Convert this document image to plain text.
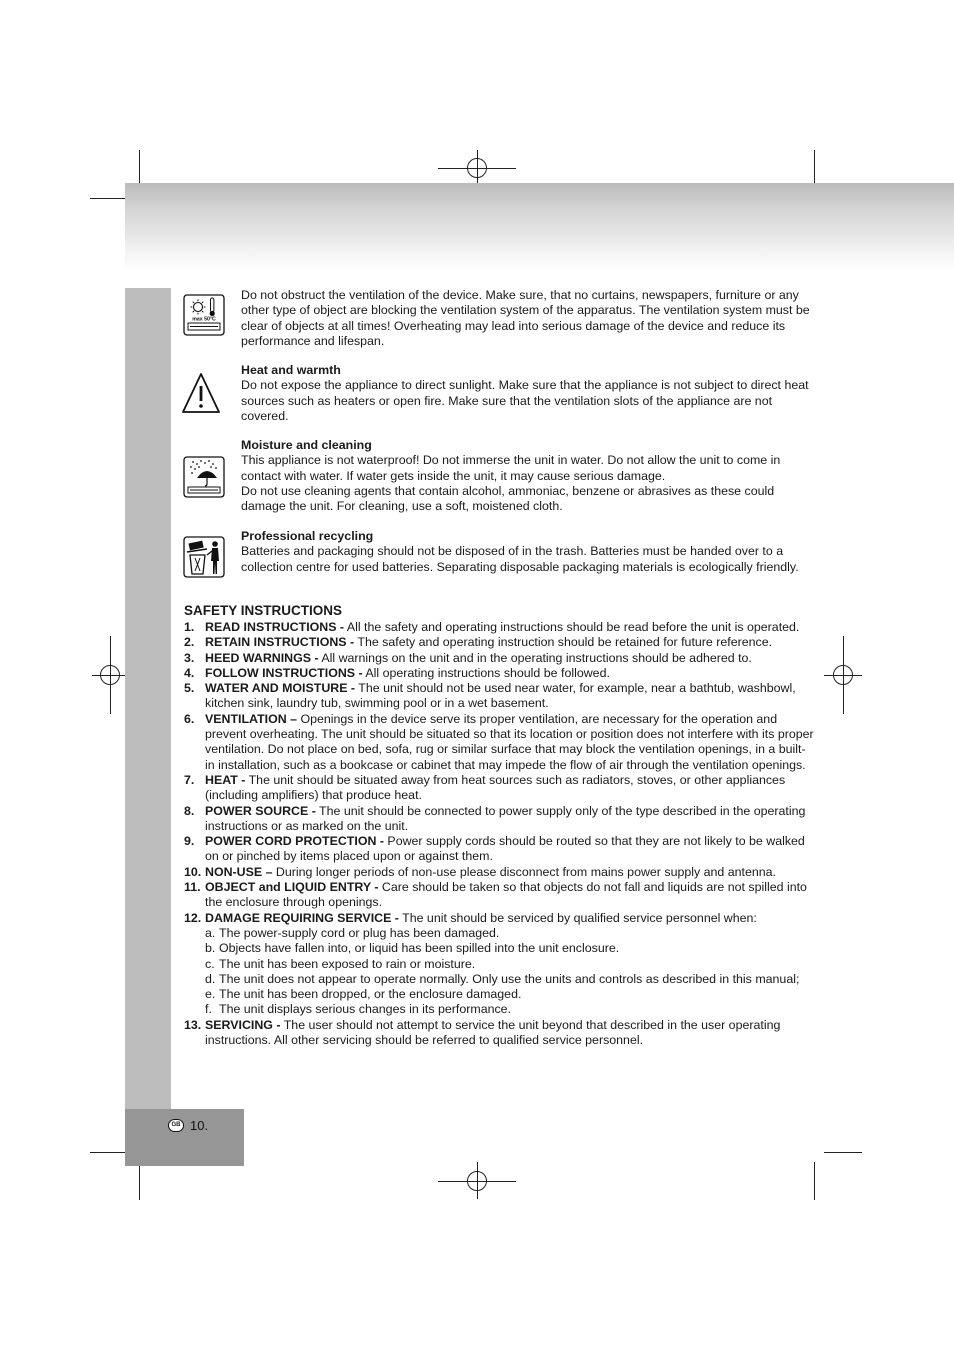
max 50°C
Do not obstruct the ventilation of the device. Make sure, that no curtains, newspapers, furniture or any other type of object are blocking the ventilation system of the apparatus. The ventilation system must be clear of objects at all times! Overheating may lead into serious damage of the device and reduce its performance and lifespan.
Heat and warmth
Do not expose the appliance to direct sunlight. Make sure that the appliance is not subject to direct heat sources such as heaters or open fire. Make sure that the ventilation slots of the appliance are not covered.
Moisture and cleaning
This appliance is not waterproof! Do not immerse the unit in water. Do not allow the unit to come in contact with water. If water gets inside the unit, it may cause serious damage.
Do not use cleaning agents that contain alcohol, ammoniac, benzene or abrasives as these could damage the unit. For cleaning, use a soft, moistened cloth.
Professional recycling
Batteries and packaging should not be disposed of in the trash. Batteries must be handed over to a collection centre for used batteries. Separating disposable packaging materials is ecologically friendly.
SAFETY INSTRUCTIONS
1. READ INSTRUCTIONS - All the safety and operating instructions should be read before the unit is operated.
2. RETAIN INSTRUCTIONS - The safety and operating instruction should be retained for future reference.
3. HEED WARNINGS - All warnings on the unit and in the operating instructions should be adhered to.
4. FOLLOW INSTRUCTIONS - All operating instructions should be followed.
5. WATER AND MOISTURE - The unit should not be used near water, for example, near a bathtub, washbowl, kitchen sink, laundry tub, swimming pool or in a wet basement.
6. VENTILATION – Openings in the device serve its proper ventilation, are necessary for the operation and prevent overheating. The unit should be situated so that its location or position does not interfere with its proper ventilation. Do not place on bed, sofa, rug or similar surface that may block the ventilation openings, in a built-in installation, such as a bookcase or cabinet that may impede the flow of air through the ventilation openings.
7. HEAT - The unit should be situated away from heat sources such as radiators, stoves, or other appliances (including amplifiers) that produce heat.
8. POWER SOURCE - The unit should be connected to power supply only of the type described in the operating instructions or as marked on the unit.
9. POWER CORD PROTECTION - Power supply cords should be routed so that they are not likely to be walked on or pinched by items placed upon or against them.
10. NON-USE – During longer periods of non-use please disconnect from mains power supply and antenna.
11. OBJECT and LIQUID ENTRY - Care should be taken so that objects do not fall and liquids are not spilled into the enclosure through openings.
12. DAMAGE REQUIRING SERVICE - The unit should be serviced by qualified service personnel when:
a. The power-supply cord or plug has been damaged.
b. Objects have fallen into, or liquid has been spilled into the unit enclosure.
c. The unit has been exposed to rain or moisture.
d. The unit does not appear to operate normally. Only use the units and controls as described in this manual;
e. The unit has been dropped, or the enclosure damaged.
f. The unit displays serious changes in its performance.
13. SERVICING - The user should not attempt to service the unit beyond that described in the user operating instructions. All other servicing should be referred to qualified service personnel.
GB 10.
